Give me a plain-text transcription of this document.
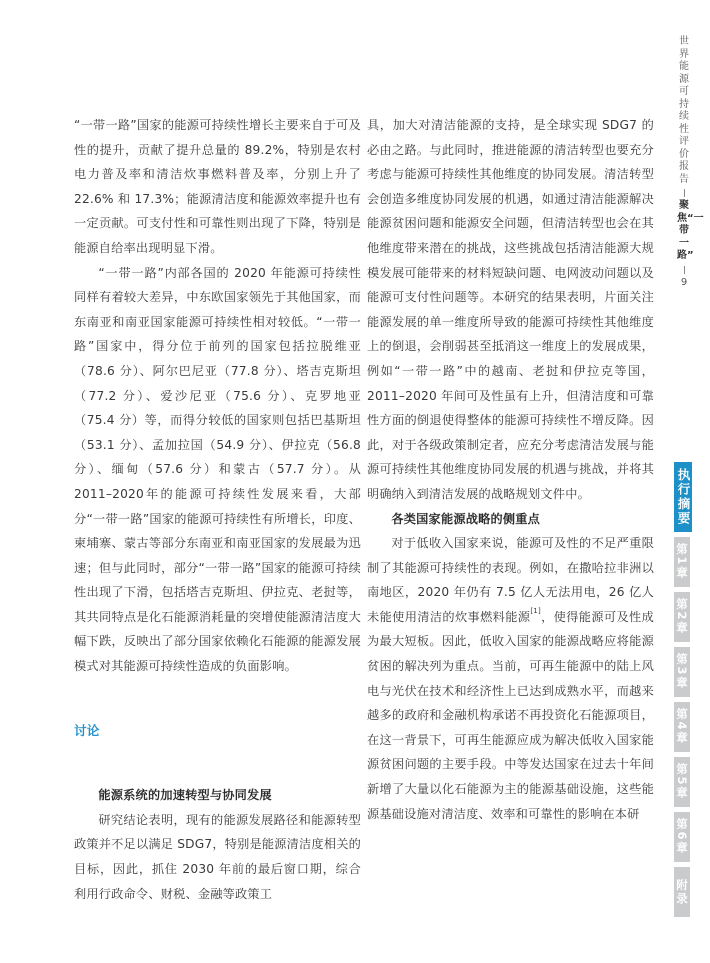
“一带一路”国家的能源可持续性增长主要来自于可及性的提升，贡献了提升总量的 89.2%，特别是农村电力普及率和清洁炊事燃料普及率，分别上升了 22.6% 和 17.3%；能源清洁度和能源效率提升也有一定贡献。可支付性和可靠性则出现了下降，特别是能源自给率出现明显下滑。

“一带一路”内部各国的 2020 年能源可持续性同样有着较大差异，中东欧国家领先于其他国家，而东南亚和南亚国家能源可持续性相对较低。“一带一路”国家中，得分位于前列的国家包括拉脱维亚（78.6 分）、阿尔巴尼亚（77.8 分）、塔吉克斯坦（77.2 分）、爱沙尼亚（75.6 分）、克罗地亚（75.4 分）等，而得分较低的国家则包括巴基斯坦（53.1 分）、孟加拉国（54.9 分）、伊拉克（56.8 分）、缅甸（57.6 分）和蒙古（57.7 分）。从2011–2020年的能源可持续性发展来看，大部分“一带一路”国家的能源可持续性有所增长，印度、柬埔寨、蒙古等部分东南亚和南亚国家的发展最为迅速；但与此同时，部分“一带一路”国家的能源可持续性出现了下滑，包括塔吉克斯坦、伊拉克、老挝等，其共同特点是化石能源消耗量的突增使能源清洁度大幅下跌，反映出了部分国家依赖化石能源的能源发展模式对其能源可持续性造成的负面影响。

讨论

能源系统的加速转型与协同发展

研究结论表明，现有的能源发展路径和能源转型政策并不足以满足 SDG7，特别是能源清洁度相关的目标，因此，抓住 2030 年前的最后窗口期，综合利用行政命令、财税、金融等政策工

具，加大对清洁能源的支持，是全球实现 SDG7 的必由之路。与此同时，推进能源的清洁转型也要充分考虑与能源可持续性其他维度的协同发展。清洁转型会创造多维度协同发展的机遇，如通过清洁能源解决能源贫困问题和能源安全问题，但清洁转型也会在其他维度带来潜在的挑战，这些挑战包括清洁能源大规模发展可能带来的材料短缺问题、电网波动问题以及能源可支付性问题等。本研究的结果表明，片面关注能源发展的单一维度所导致的能源可持续性其他维度上的倒退，会削弱甚至抵消这一维度上的发展成果，例如“一带一路”中的越南、老挝和伊拉克等国，2011–2020 年间可及性虽有上升，但清洁度和可靠性方面的倒退使得整体的能源可持续性不增反降。因此，对于各级政策制定者，应充分考虑清洁发展与能源可持续性其他维度协同发展的机遇与挑战，并将其明确纳入到清洁发展的战略规划文件中。

各类国家能源战略的侧重点

对于低收入国家来说，能源可及性的不足严重限制了其能源可持续性的表现。例如，在撒哈拉非洲以南地区，2020 年仍有 7.5 亿人无法用电，26 亿人未能使用清洁的炊事燃料能源[1]，使得能源可及性成为最大短板。因此，低收入国家的能源战略应将能源贫困的解决列为重点。当前，可再生能源中的陆上风电与光伏在技术和经济性上已达到成熟水平，而越来越多的政府和金融机构承诺不再投资化石能源项目，在这一背景下，可再生能源应成为解决低收入国家能源贫困问题的主要手段。中等发达国家在过去十年间新增了大量以化石能源为主的能源基础设施，这些能源基础设施对清洁度、效率和可靠性的影响在本研

世界能源可持续性评价报告
聚焦“一带一路”
9
执行摘要
第1章
第2章
第3章
第4章
第5章
第6章
附录
